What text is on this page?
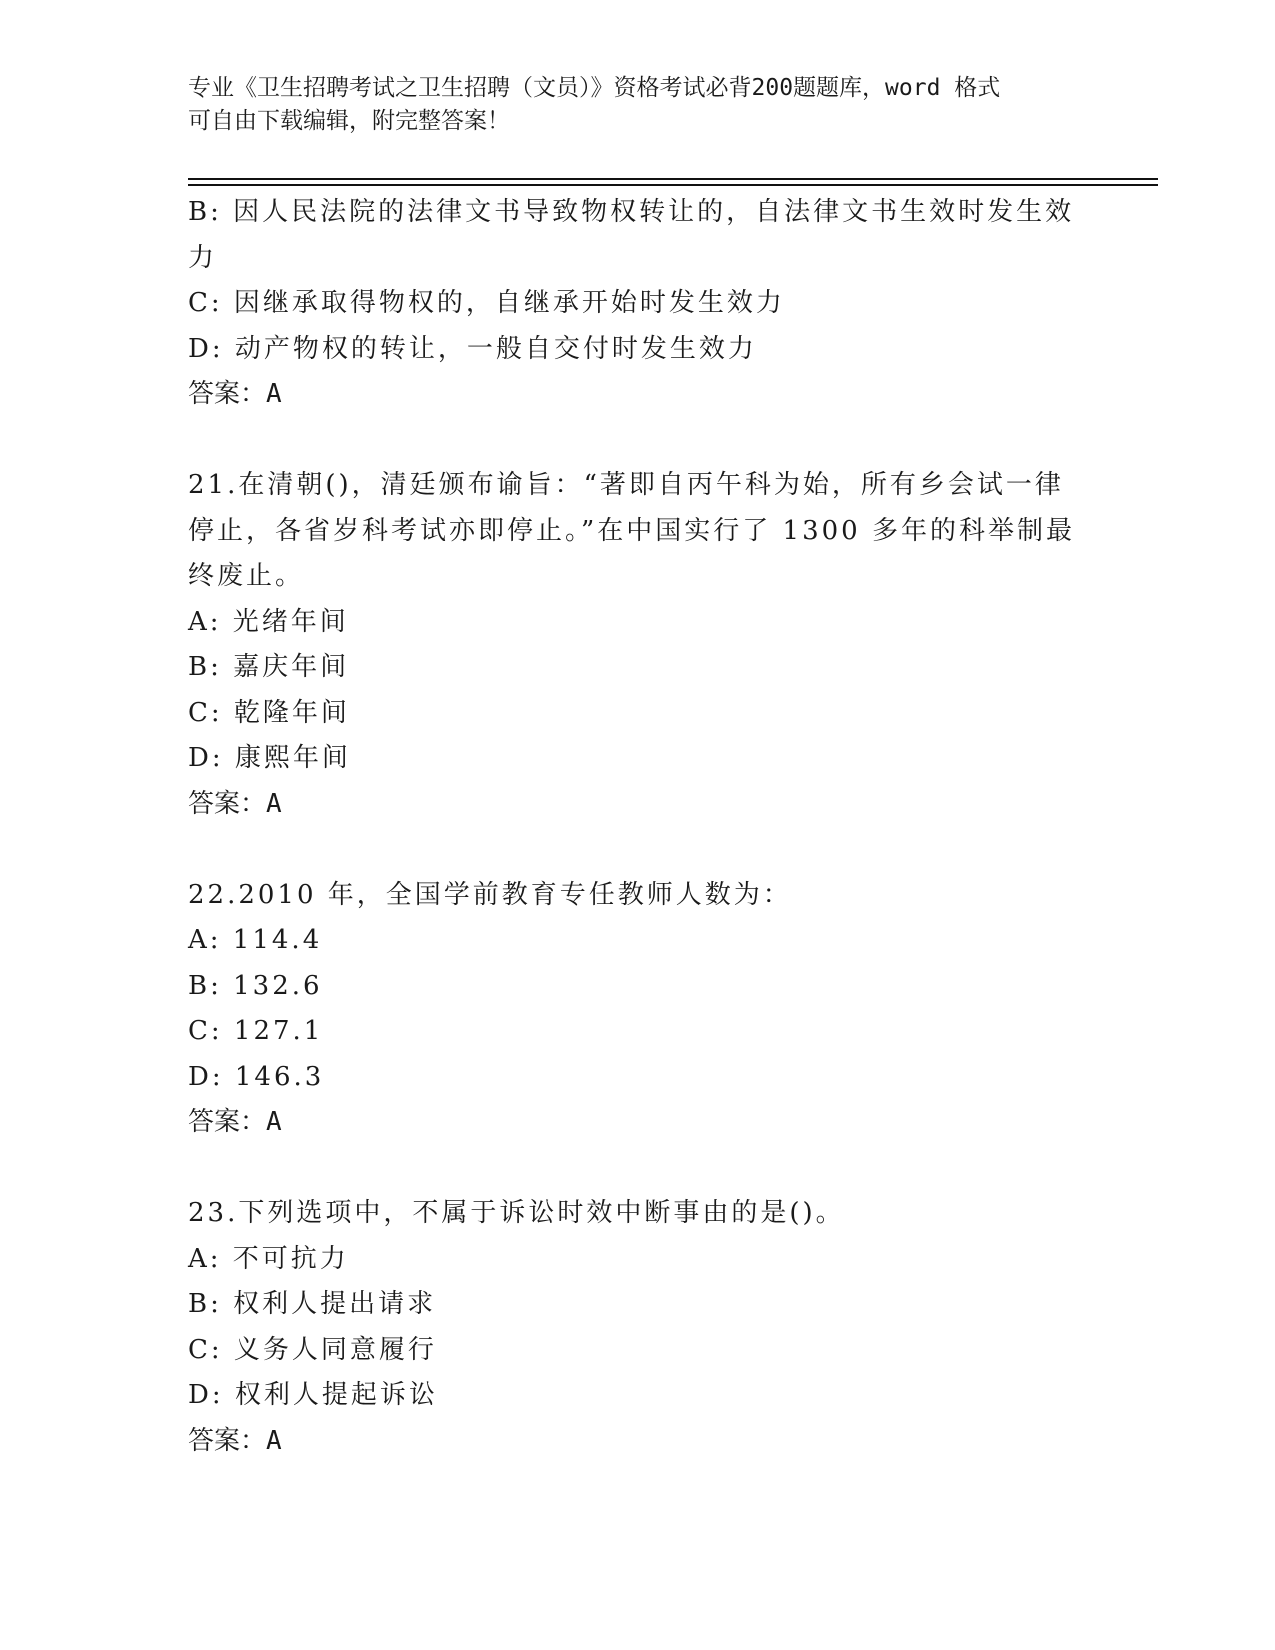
专业《卫生招聘考试之卫生招聘（文员）》资格考试必背200题题库，word 格式
可自由下载编辑，附完整答案！
B: 因人民法院的法律文书导致物权转让的，自法律文书生效时发生效
力
C: 因继承取得物权的，自继承开始时发生效力
D: 动产物权的转让，一般自交付时发生效力
答案：A
21.在清朝()，清廷颁布谕旨：“著即自丙午科为始，所有乡会试一律
停止，各省岁科考试亦即停止。”在中国实行了 1300 多年的科举制最
终废止。
A: 光绪年间
B: 嘉庆年间
C: 乾隆年间
D: 康熙年间
答案：A
22.2010 年，全国学前教育专任教师人数为：
A: 114.4
B: 132.6
C: 127.1
D: 146.3
答案：A
23.下列选项中，不属于诉讼时效中断事由的是()。
A: 不可抗力
B: 权利人提出请求
C: 义务人同意履行
D: 权利人提起诉讼
答案：A
